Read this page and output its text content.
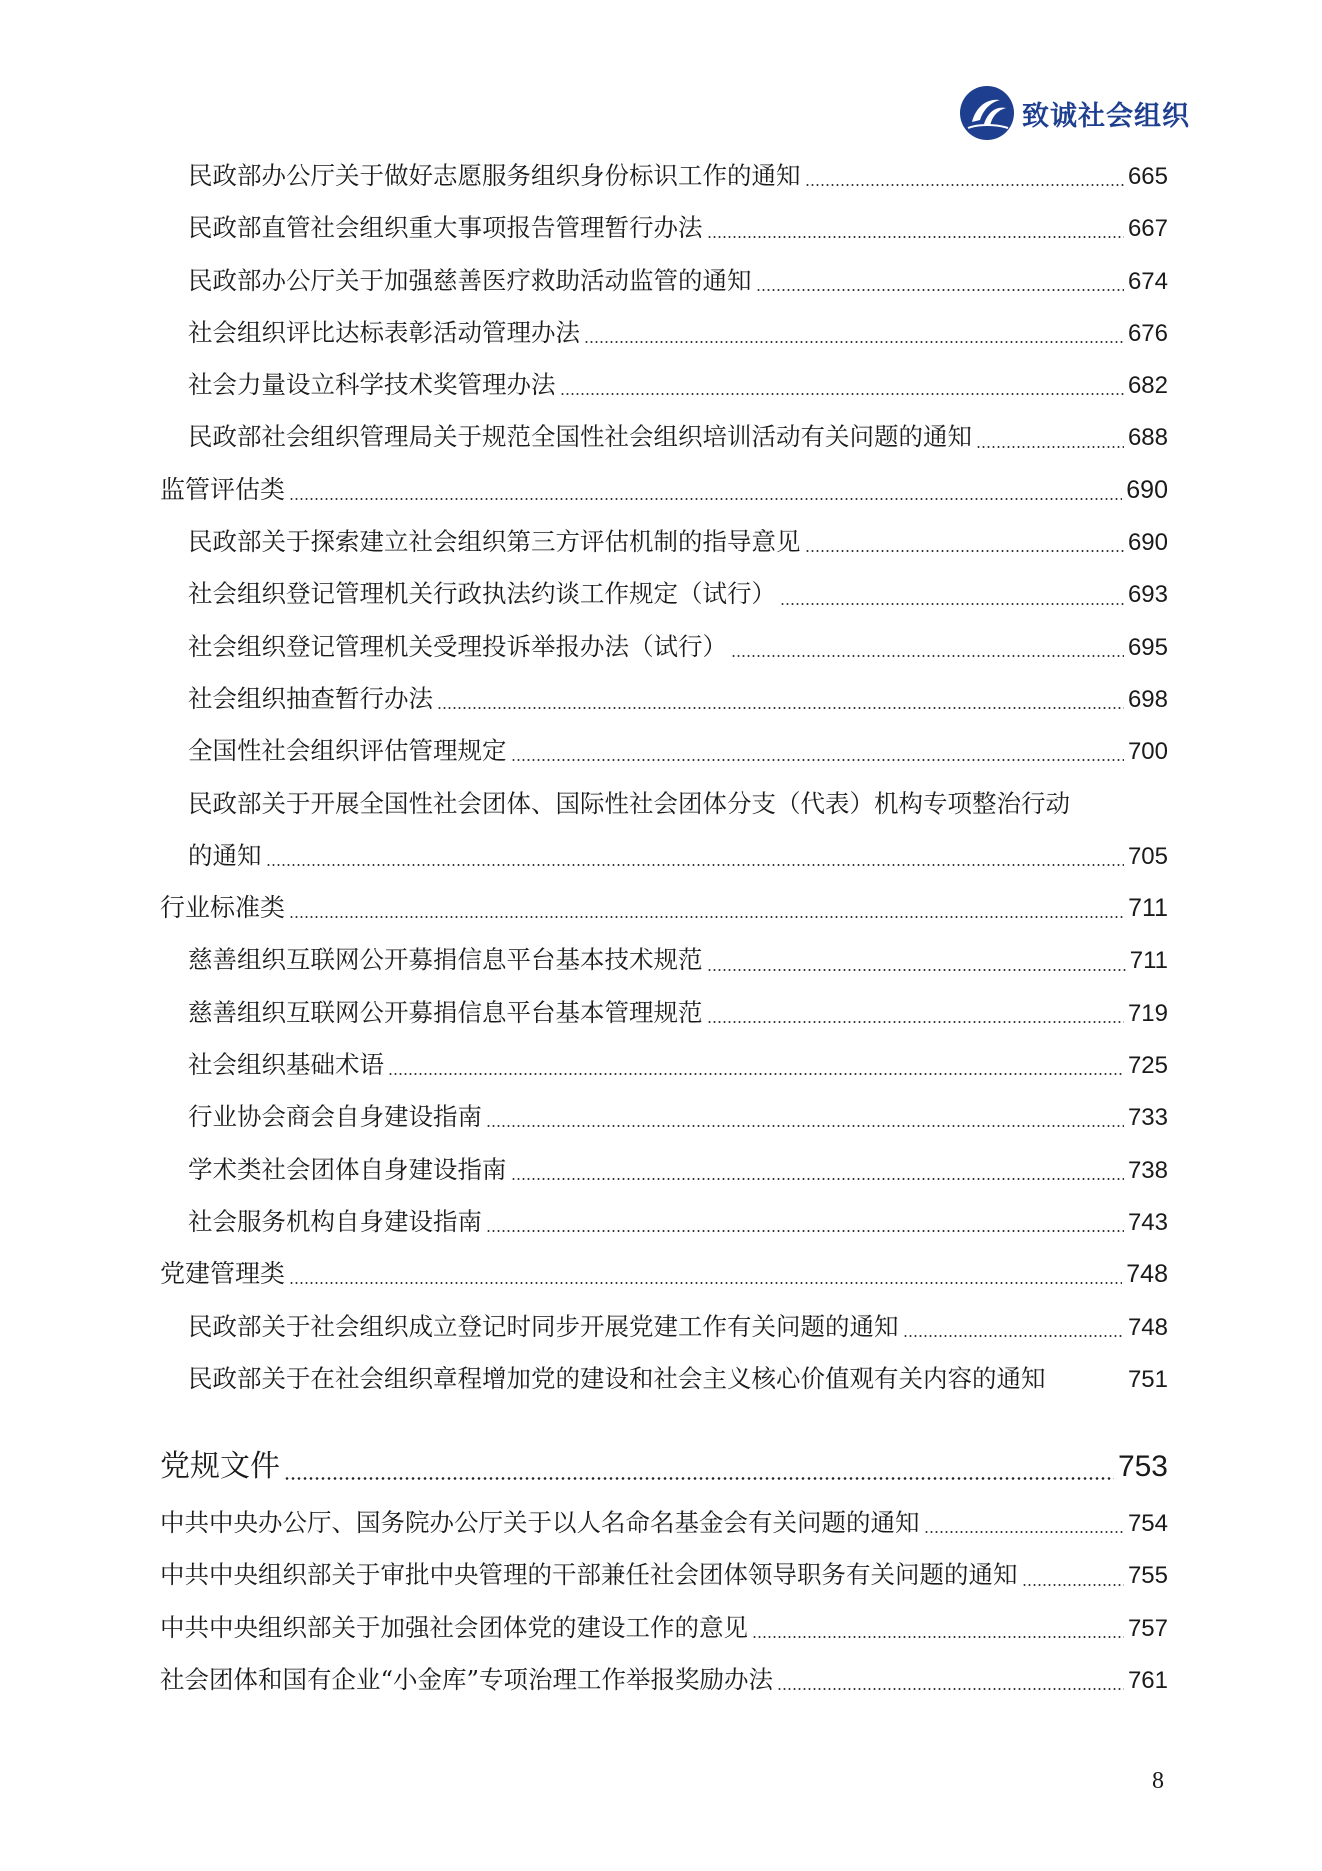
致诚社会组织
民政部办公厅关于做好志愿服务组织身份标识工作的通知	665
民政部直管社会组织重大事项报告管理暂行办法	667
民政部办公厅关于加强慈善医疗救助活动监管的通知	674
社会组织评比达标表彰活动管理办法	676
社会力量设立科学技术奖管理办法	682
民政部社会组织管理局关于规范全国性社会组织培训活动有关问题的通知	688
监管评估类	690
民政部关于探索建立社会组织第三方评估机制的指导意见	690
社会组织登记管理机关行政执法约谈工作规定（试行）	693
社会组织登记管理机关受理投诉举报办法（试行）	695
社会组织抽查暂行办法	698
全国性社会组织评估管理规定	700
民政部关于开展全国性社会团体、国际性社会团体分支（代表）机构专项整治行动
的通知	705
行业标准类	711
慈善组织互联网公开募捐信息平台基本技术规范	711
慈善组织互联网公开募捐信息平台基本管理规范	719
社会组织基础术语	725
行业协会商会自身建设指南	733
学术类社会团体自身建设指南	738
社会服务机构自身建设指南	743
党建管理类	748
民政部关于社会组织成立登记时同步开展党建工作有关问题的通知	748
民政部关于在社会组织章程增加党的建设和社会主义核心价值观有关内容的通知	751
党规文件	753
中共中央办公厅、国务院办公厅关于以人名命名基金会有关问题的通知	754
中共中央组织部关于审批中央管理的干部兼任社会团体领导职务有关问题的通知	755
中共中央组织部关于加强社会团体党的建设工作的意见	757
社会团体和国有企业“小金库”专项治理工作举报奖励办法	761
8
